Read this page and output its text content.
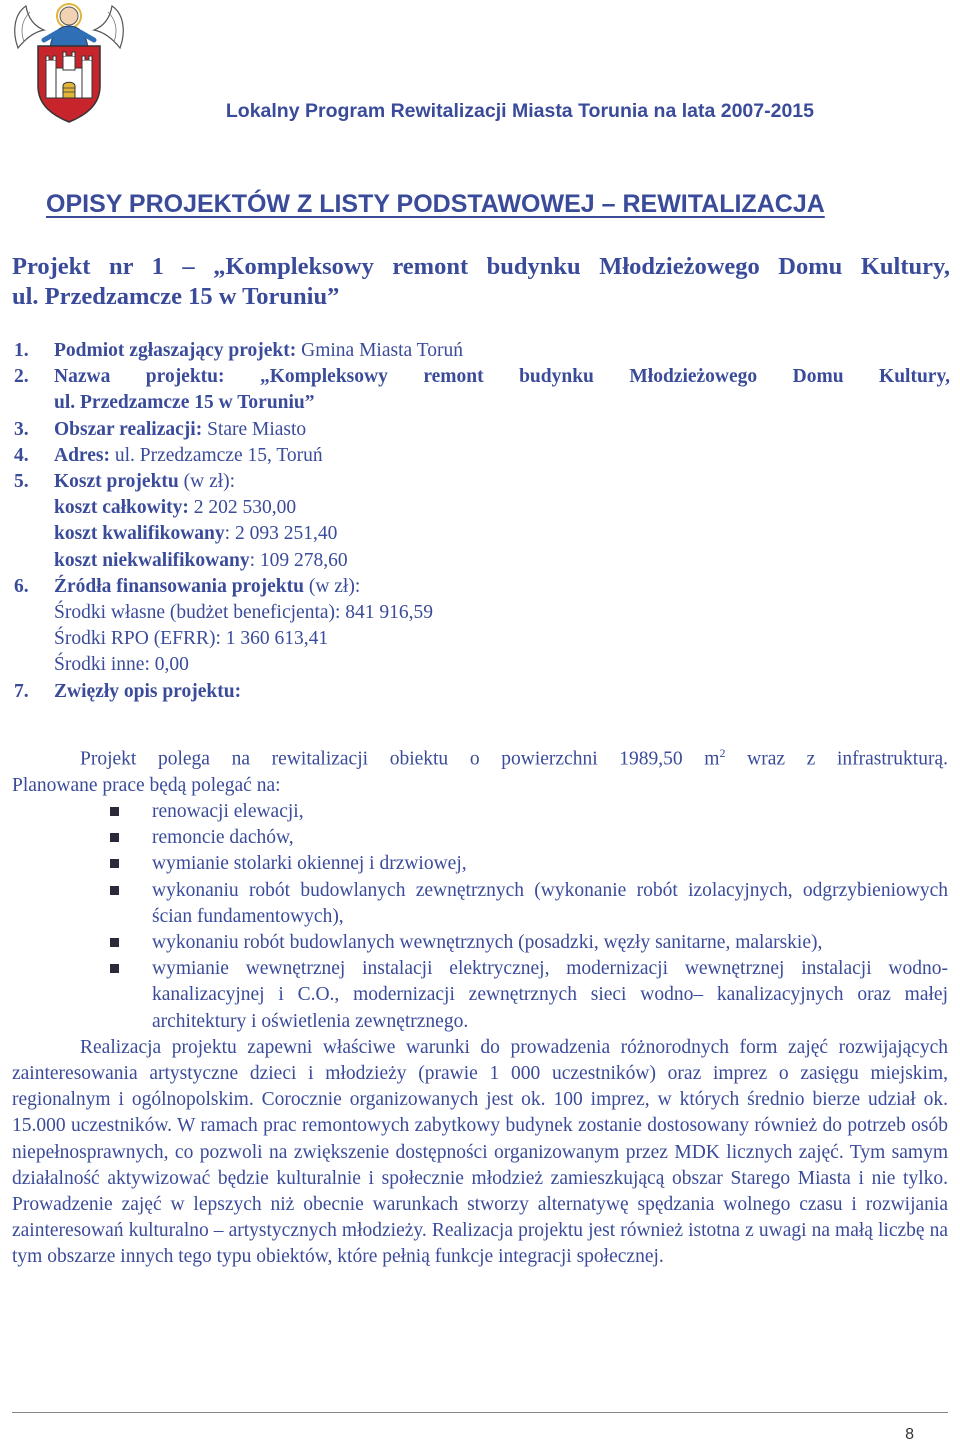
Lokalny Program Rewitalizacji Miasta Torunia na lata 2007-2015
OPISY PROJEKTÓW Z LISTY PODSTAWOWEJ – REWITALIZACJA
Projekt nr 1 – „Kompleksowy remont budynku Młodzieżowego Domu Kultury,
ul. Przedzamcze 15 w Toruniu”
1.	Podmiot zgłaszający projekt: Gmina Miasta Toruń
2.	Nazwa projektu: „Kompleksowy remont budynku Młodzieżowego Domu Kultury,
ul. Przedzamcze 15 w Toruniu”
3.	Obszar realizacji: Stare Miasto
4.	Adres: ul. Przedzamcze 15, Toruń
5.	Koszt projektu (w zł):
koszt całkowity: 2 202 530,00
koszt kwalifikowany: 2 093 251,40
koszt niekwalifikowany: 109 278,60
6.	Źródła finansowania projektu (w zł):
Środki własne (budżet beneficjenta): 841 916,59
Środki RPO (EFRR): 1 360 613,41
Środki inne: 0,00
7.	Zwięzły opis projektu:
Projekt polega na rewitalizacji obiektu o powierzchni 1989,50 $m^2$ wraz z infrastrukturą.
Planowane prace będą polegać na:
renowacji elewacji,
remoncie dachów,
wymianie stolarki okiennej i drzwiowej,
wykonaniu robót budowlanych zewnętrznych (wykonanie robót izolacyjnych, odgrzybieniowych ścian fundamentowych),
wykonaniu robót budowlanych wewnętrznych (posadzki, węzły sanitarne, malarskie),
wymianie wewnętrznej instalacji elektrycznej, modernizacji wewnętrznej instalacji wodno-kanalizacyjnej i C.O., modernizacji zewnętrznych sieci wodno– kanalizacyjnych oraz małej architektury i oświetlenia zewnętrznego.
Realizacja projektu zapewni właściwe warunki do prowadzenia różnorodnych form zajęć rozwijających zainteresowania artystyczne dzieci i młodzieży (prawie 1 000 uczestników) oraz imprez o zasięgu miejskim, regionalnym i ogólnopolskim. Corocznie organizowanych jest ok. 100 imprez, w których średnio bierze udział ok. 15.000 uczestników. W ramach prac remontowych zabytkowy budynek zostanie dostosowany również do potrzeb osób niepełnosprawnych, co pozwoli na zwiększenie dostępności organizowanym przez MDK licznych zajęć. Tym samym działalność aktywizować będzie kulturalnie i społecznie młodzież zamieszkującą obszar Starego Miasta i nie tylko. Prowadzenie zajęć w lepszych niż obecnie warunkach stworzy alternatywę spędzania wolnego czasu i rozwijania zainteresowań kulturalno – artystycznych młodzieży. Realizacja projektu jest również istotna z uwagi na małą liczbę na tym obszarze innych tego typu obiektów, które pełnią funkcje integracji społecznej.
8
